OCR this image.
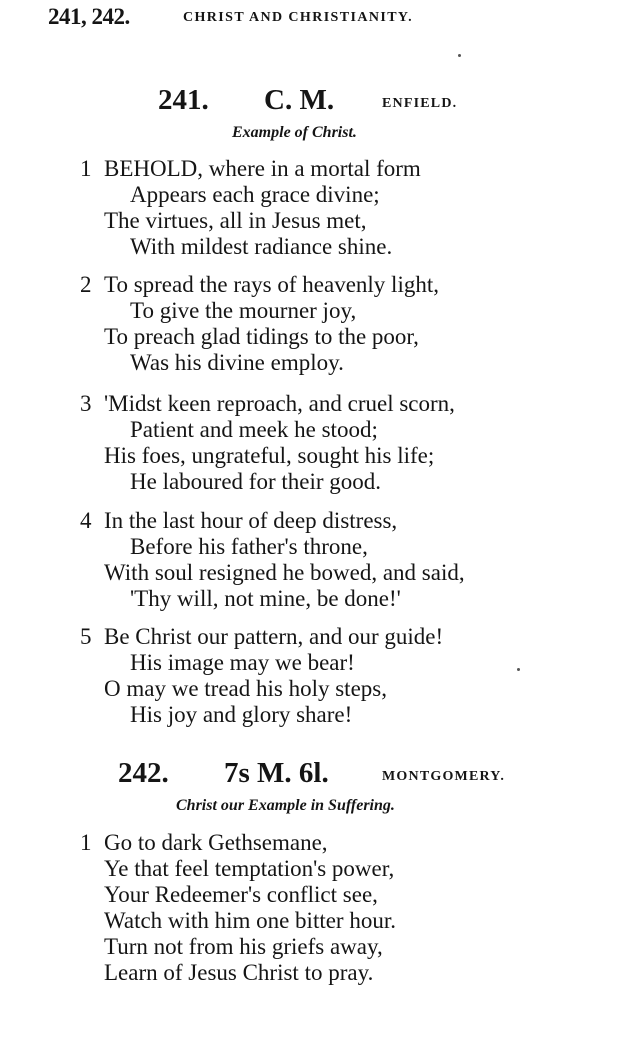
241, 242.	CHRIST AND CHRISTIANITY.
241. C. M.	ENFIELD.
Example of Christ.
1 BEHOLD, where in a mortal form
Appears each grace divine;
The virtues, all in Jesus met,
With mildest radiance shine.
2 To spread the rays of heavenly light,
To give the mourner joy,
To preach glad tidings to the poor,
Was his divine employ.
3 'Midst keen reproach, and cruel scorn,
Patient and meek he stood;
His foes, ungrateful, sought his life;
He laboured for their good.
4 In the last hour of deep distress,
Before his father's throne,
With soul resigned he bowed, and said,
'Thy will, not mine, be done!'
5 Be Christ our pattern, and our guide!
His image may we bear!
O may we tread his holy steps,
His joy and glory share!
242. 7s M. 6l.	MONTGOMERY.
Christ our Example in Suffering.
1 Go to dark Gethsemane,
Ye that feel temptation's power,
Your Redeemer's conflict see,
Watch with him one bitter hour.
Turn not from his griefs away,
Learn of Jesus Christ to pray.
